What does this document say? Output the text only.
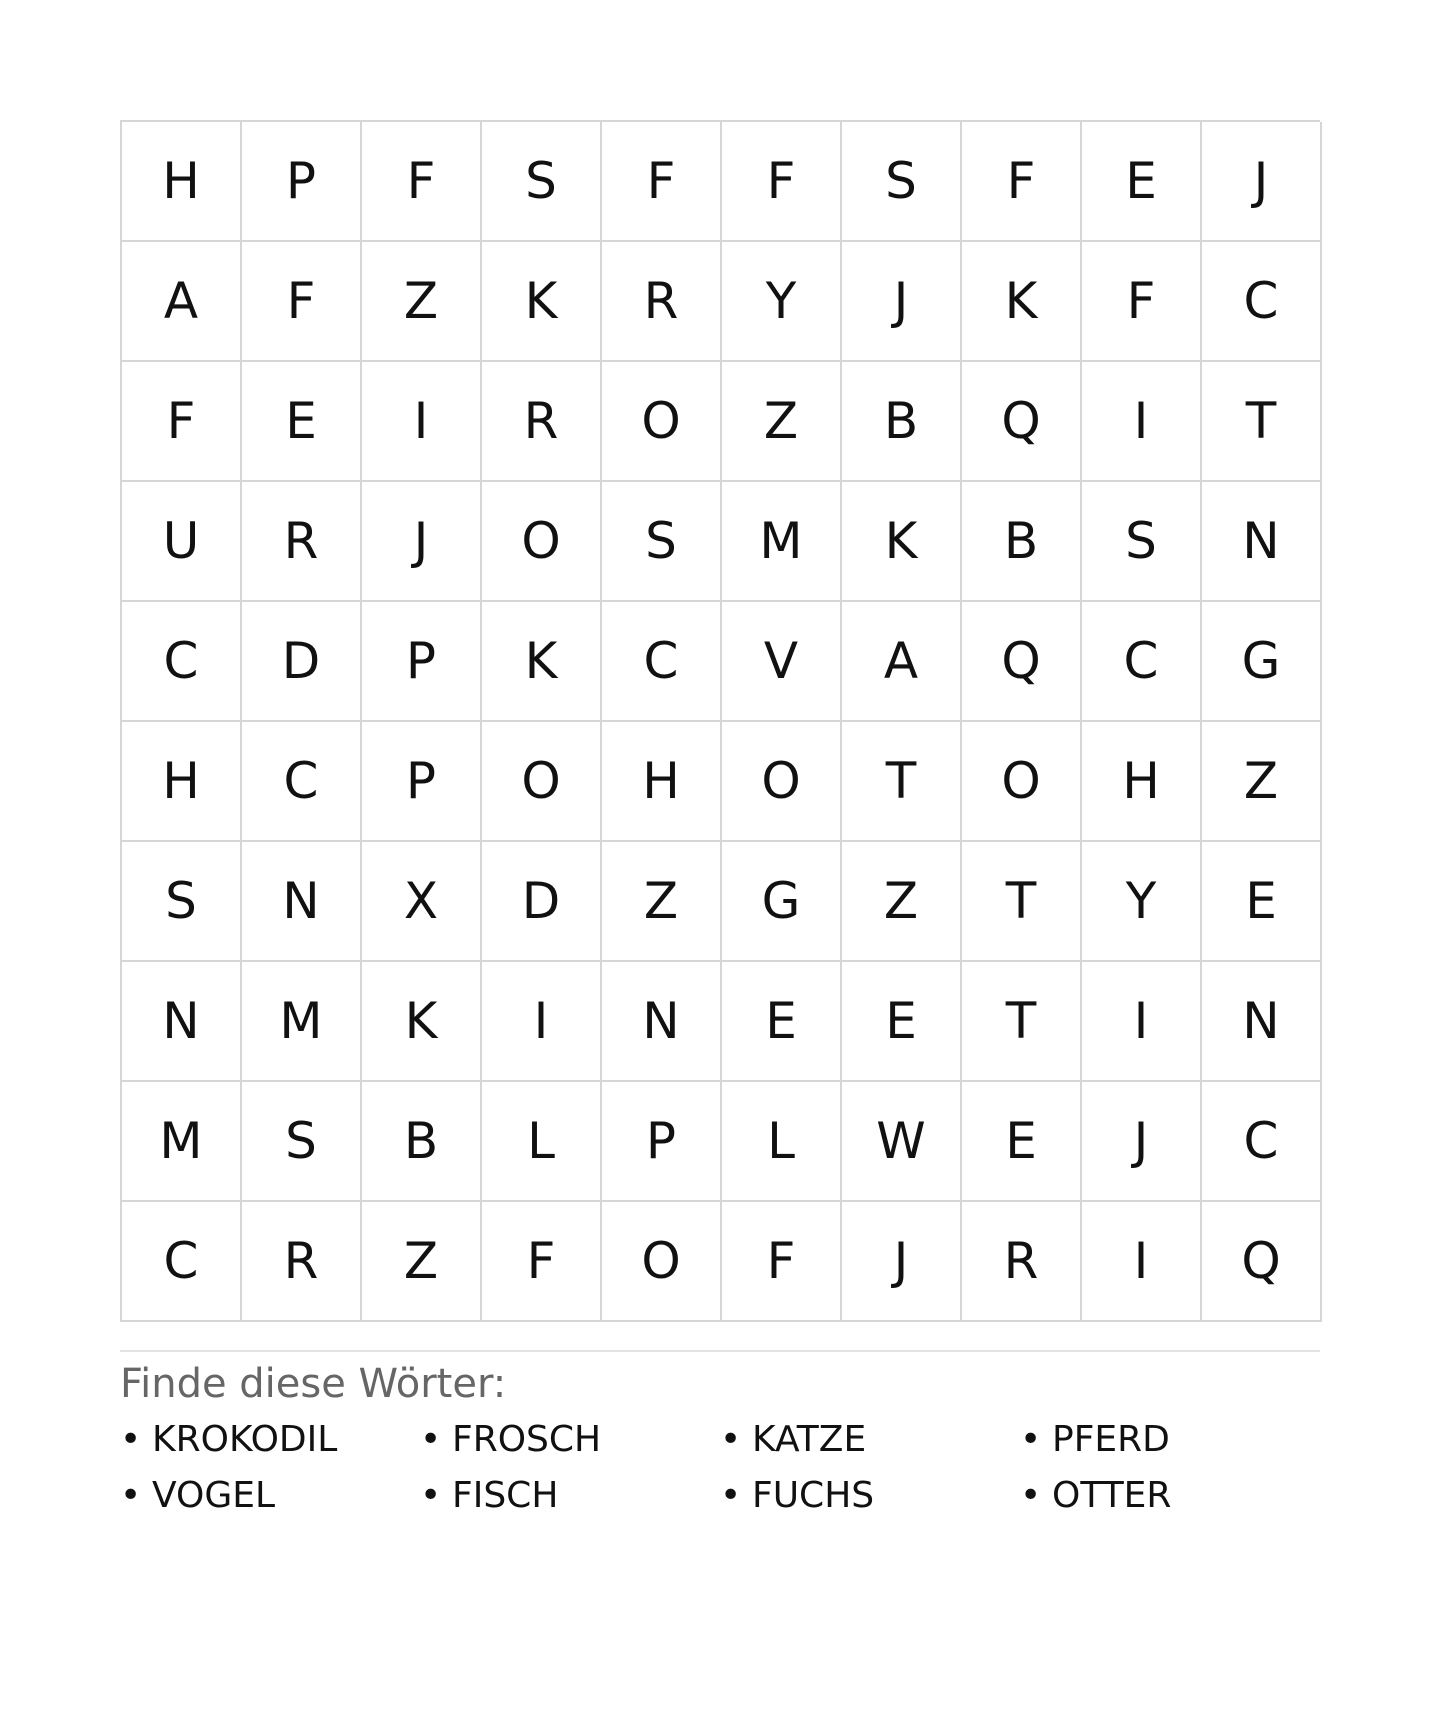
H	P	F	S	F	F	S	F	E	J
A	F	Z	K	R	Y	J	K	F	C
F	E	I	R	O	Z	B	Q	I	T
U	R	J	O	S	M	K	B	S	N
C	D	P	K	C	V	A	Q	C	G
H	C	P	O	H	O	T	O	H	Z
S	N	X	D	Z	G	Z	T	Y	E
N	M	K	I	N	E	E	T	I	N
M	S	B	L	P	L	W	E	J	C
C	R	Z	F	O	F	J	R	I	Q
Finde diese Wörter:
• KROKODIL • FROSCH	• KATZE	• PFERD
• VOGEL	• FISCH	• FUCHS	• OTTER
